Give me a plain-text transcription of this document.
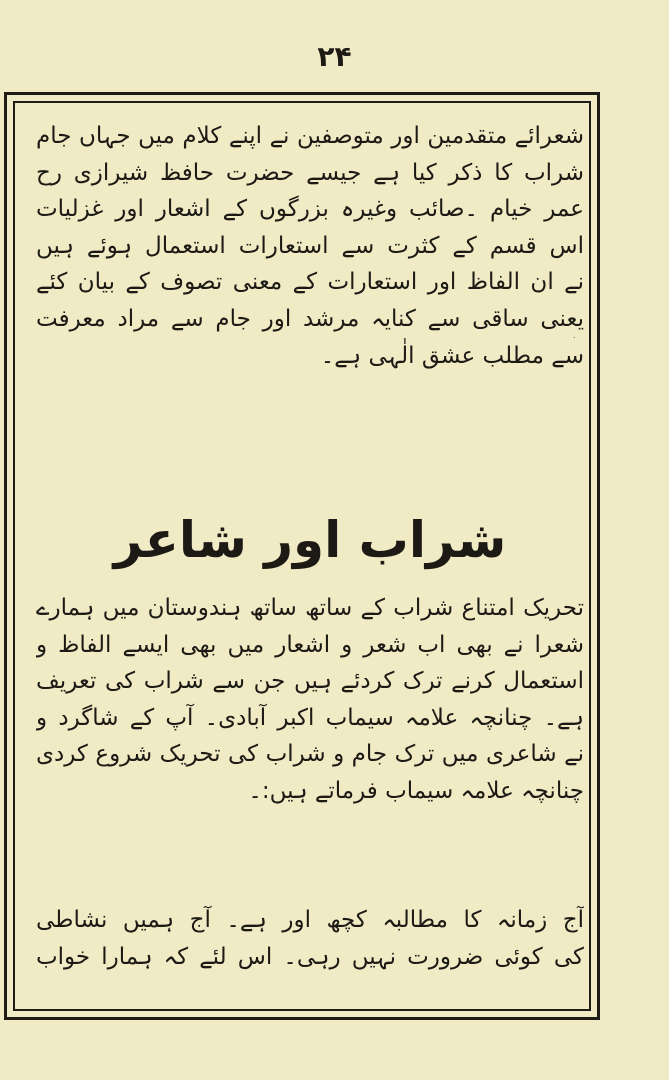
۲۴
شعرائے متقدمین اور متوصفین نے اپنے کلام میں جہاں جام
شراب کا ذکر کیا ہے جیسے حضرت حافظ شیرازی رح
عمر خیام ۔صائب وغیرہ بزرگوں کے اشعار اور غزلیات
اس قسم کے کثرت سے استعارات استعمال ہوئے ہیں
نے ان الفاظ اور استعارات کے معنی تصوف کے بیان کئے
یعنی ساقی سے کنایہ مرشد اور جام سے مراد معرفت
سے مطلب عشق الٰہی ہے۔
شراب اور شاعر
تحریک امتناع شراب کے ساتھ ساتھ ہندوستان میں ہمارے
شعرا نے بھی اب شعر و اشعار میں بھی ایسے الفاظ و
استعمال کرنے ترک کردئے ہیں جن سے شراب کی تعریف
ہے۔ چنانچہ علامہ سیماب اکبر آبادی۔ آپ کے شاگرد و
نے شاعری میں ترک جام و شراب کی تحریک شروع کردی
چنانچہ علامہ سیماب فرماتے ہیں:۔
آج زمانہ کا مطالبہ کچھ اور ہے۔ آج ہمیں نشاطی
کی کوئی ضرورت نہیں رہی۔ اس لئے کہ ہمارا خواب
